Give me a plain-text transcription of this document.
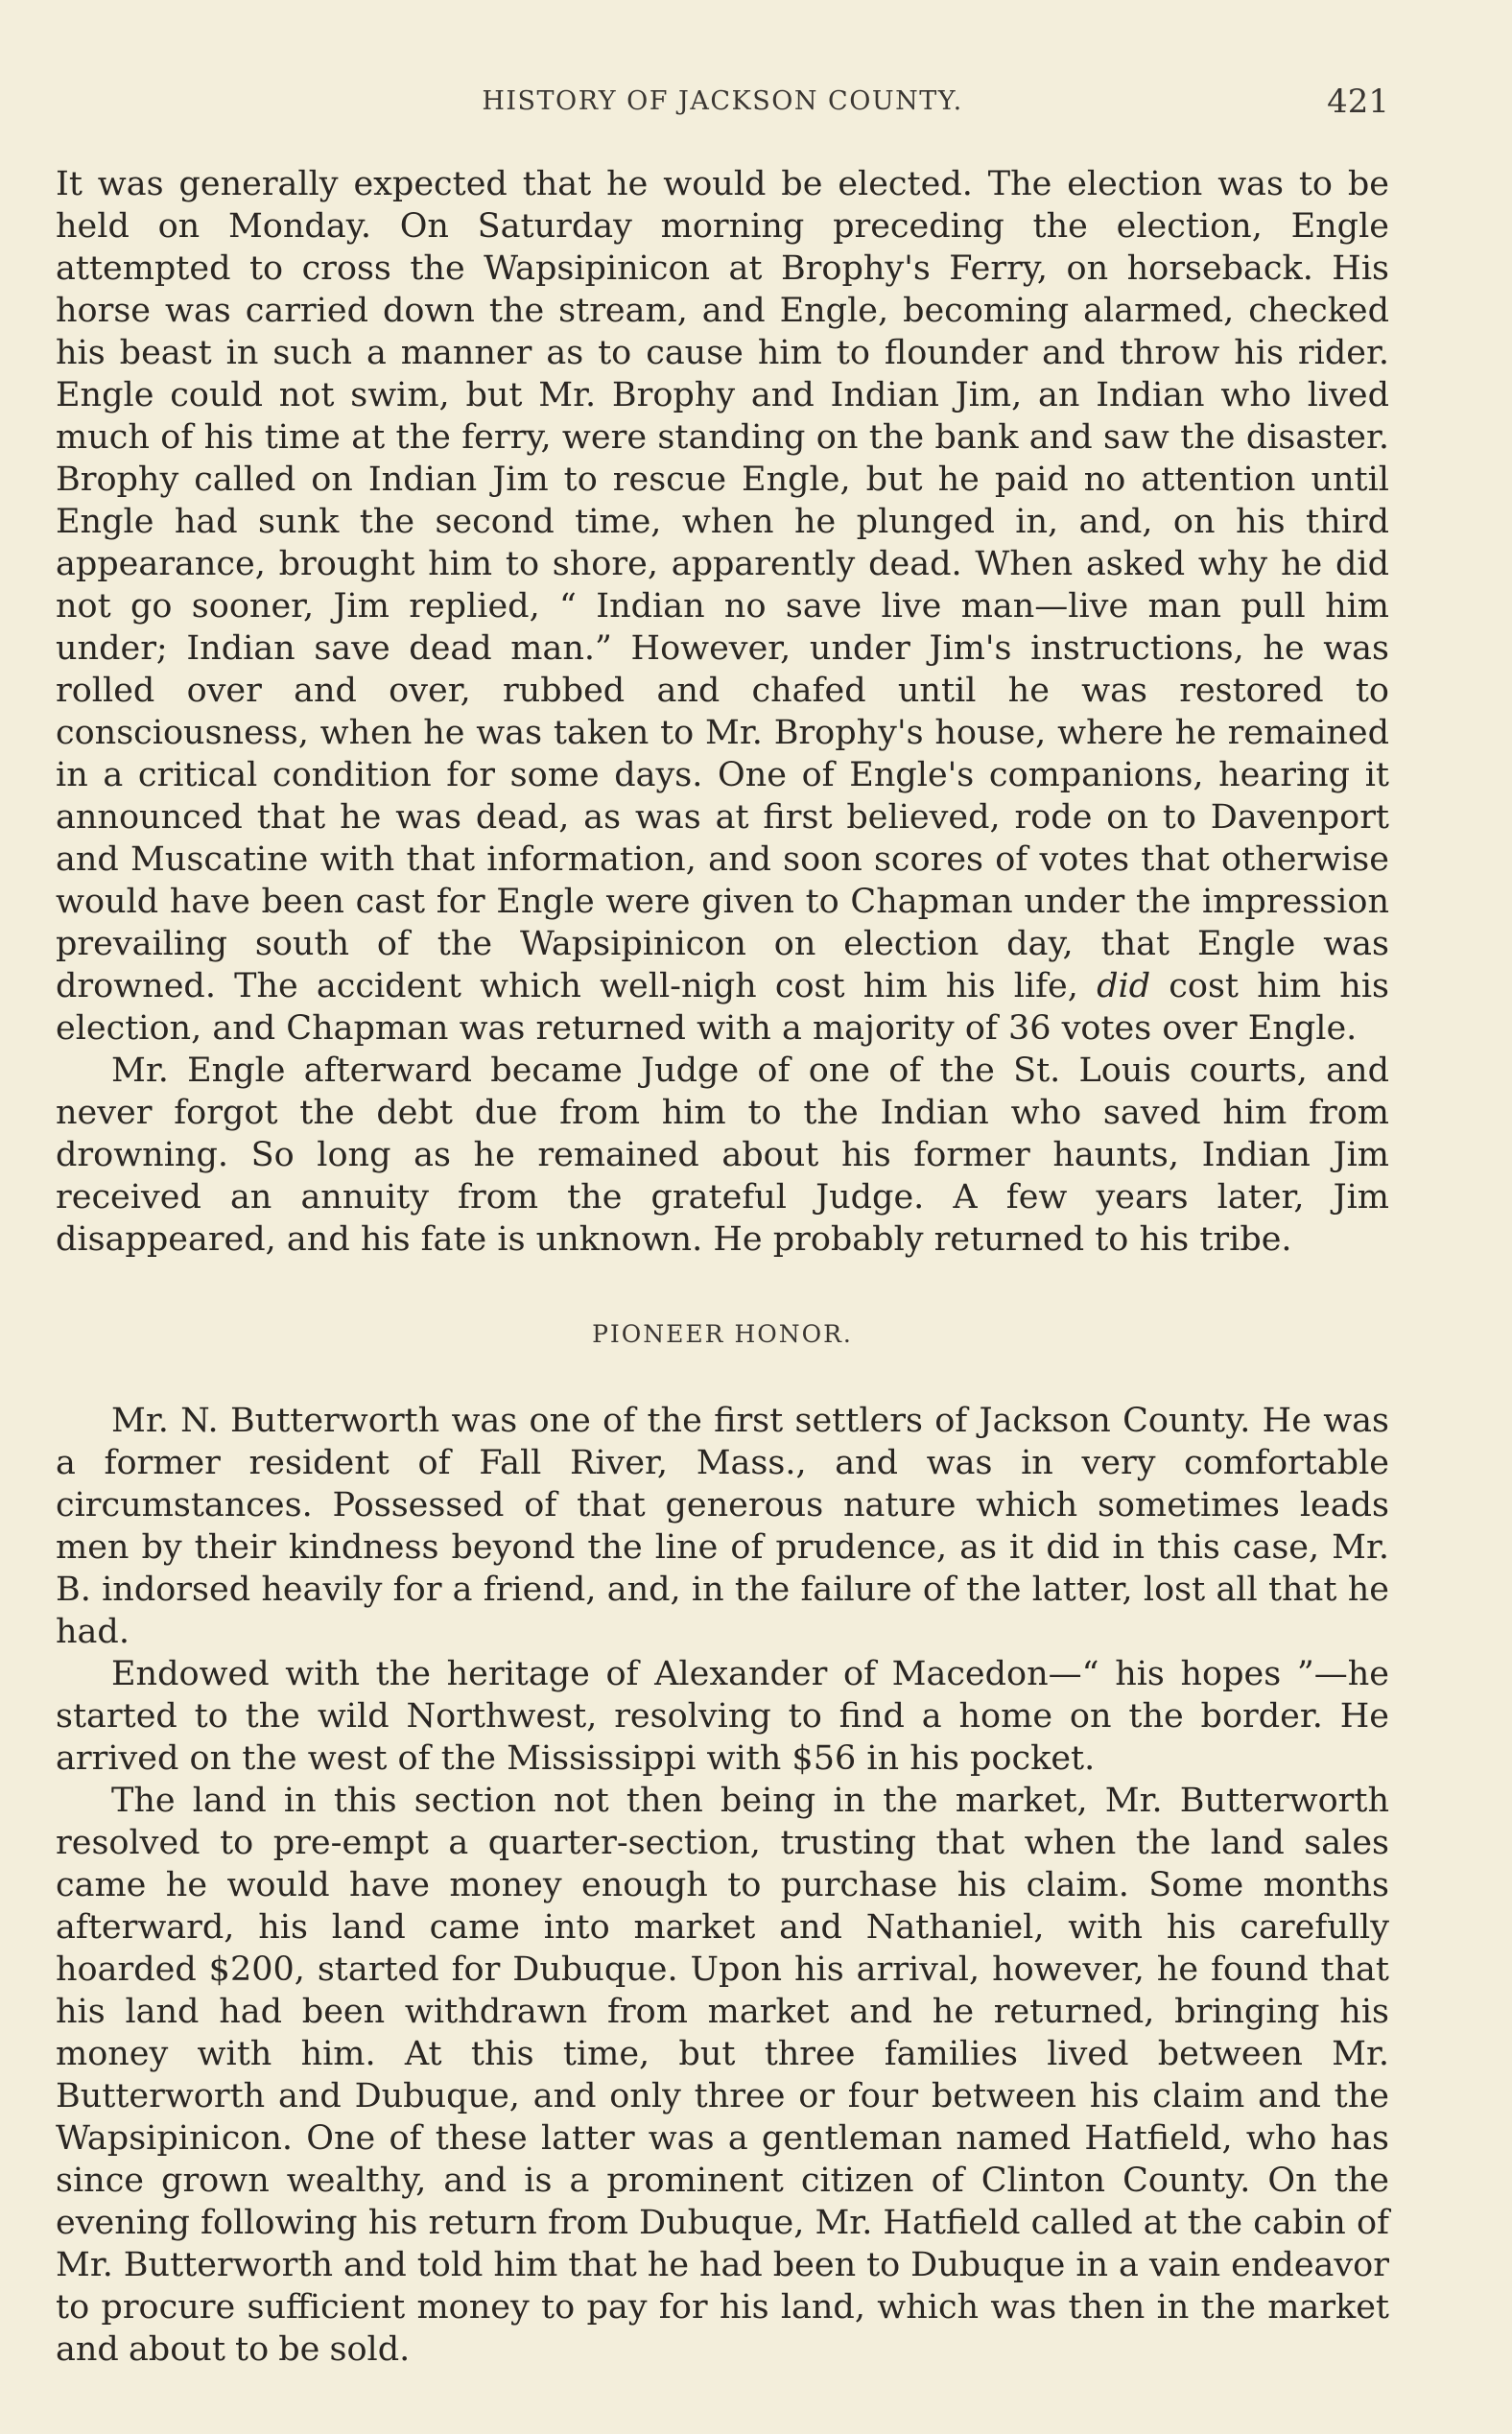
HISTORY OF JACKSON COUNTY.	421

It was generally expected that he would be elected. The election was to be held on Monday. On Saturday morning preceding the election, Engle attempted to cross the Wapsipinicon at Brophy's Ferry, on horseback. His horse was carried down the stream, and Engle, becoming alarmed, checked his beast in such a manner as to cause him to flounder and throw his rider. Engle could not swim, but Mr. Brophy and Indian Jim, an Indian who lived much of his time at the ferry, were standing on the bank and saw the disaster. Brophy called on Indian Jim to rescue Engle, but he paid no attention until Engle had sunk the second time, when he plunged in, and, on his third appearance, brought him to shore, apparently dead. When asked why he did not go sooner, Jim replied, “ Indian no save live man—live man pull him under; Indian save dead man.” However, under Jim's instructions, he was rolled over and over, rubbed and chafed until he was restored to consciousness, when he was taken to Mr. Brophy's house, where he remained in a critical condition for some days. One of Engle's companions, hearing it announced that he was dead, as was at first believed, rode on to Davenport and Muscatine with that information, and soon scores of votes that otherwise would have been cast for Engle were given to Chapman under the impression prevailing south of the Wapsipinicon on election day, that Engle was drowned. The accident which well-nigh cost him his life, did cost him his election, and Chapman was returned with a majority of 36 votes over Engle.

Mr. Engle afterward became Judge of one of the St. Louis courts, and never forgot the debt due from him to the Indian who saved him from drowning. So long as he remained about his former haunts, Indian Jim received an annuity from the grateful Judge. A few years later, Jim disappeared, and his fate is unknown. He probably returned to his tribe.

PIONEER HONOR.

Mr. N. Butterworth was one of the first settlers of Jackson County. He was a former resident of Fall River, Mass., and was in very comfortable circumstances. Possessed of that generous nature which sometimes leads men by their kindness beyond the line of prudence, as it did in this case, Mr. B. indorsed heavily for a friend, and, in the failure of the latter, lost all that he had.

Endowed with the heritage of Alexander of Macedon—“ his hopes ”—he started to the wild Northwest, resolving to find a home on the border. He arrived on the west of the Mississippi with $56 in his pocket.

The land in this section not then being in the market, Mr. Butterworth resolved to pre-empt a quarter-section, trusting that when the land sales came he would have money enough to purchase his claim. Some months afterward, his land came into market and Nathaniel, with his carefully hoarded $200, started for Dubuque. Upon his arrival, however, he found that his land had been withdrawn from market and he returned, bringing his money with him. At this time, but three families lived between Mr. Butterworth and Dubuque, and only three or four between his claim and the Wapsipinicon. One of these latter was a gentleman named Hatfield, who has since grown wealthy, and is a prominent citizen of Clinton County. On the evening following his return from Dubuque, Mr. Hatfield called at the cabin of Mr. Butterworth and told him that he had been to Dubuque in a vain endeavor to procure sufficient money to pay for his land, which was then in the market and about to be sold.
